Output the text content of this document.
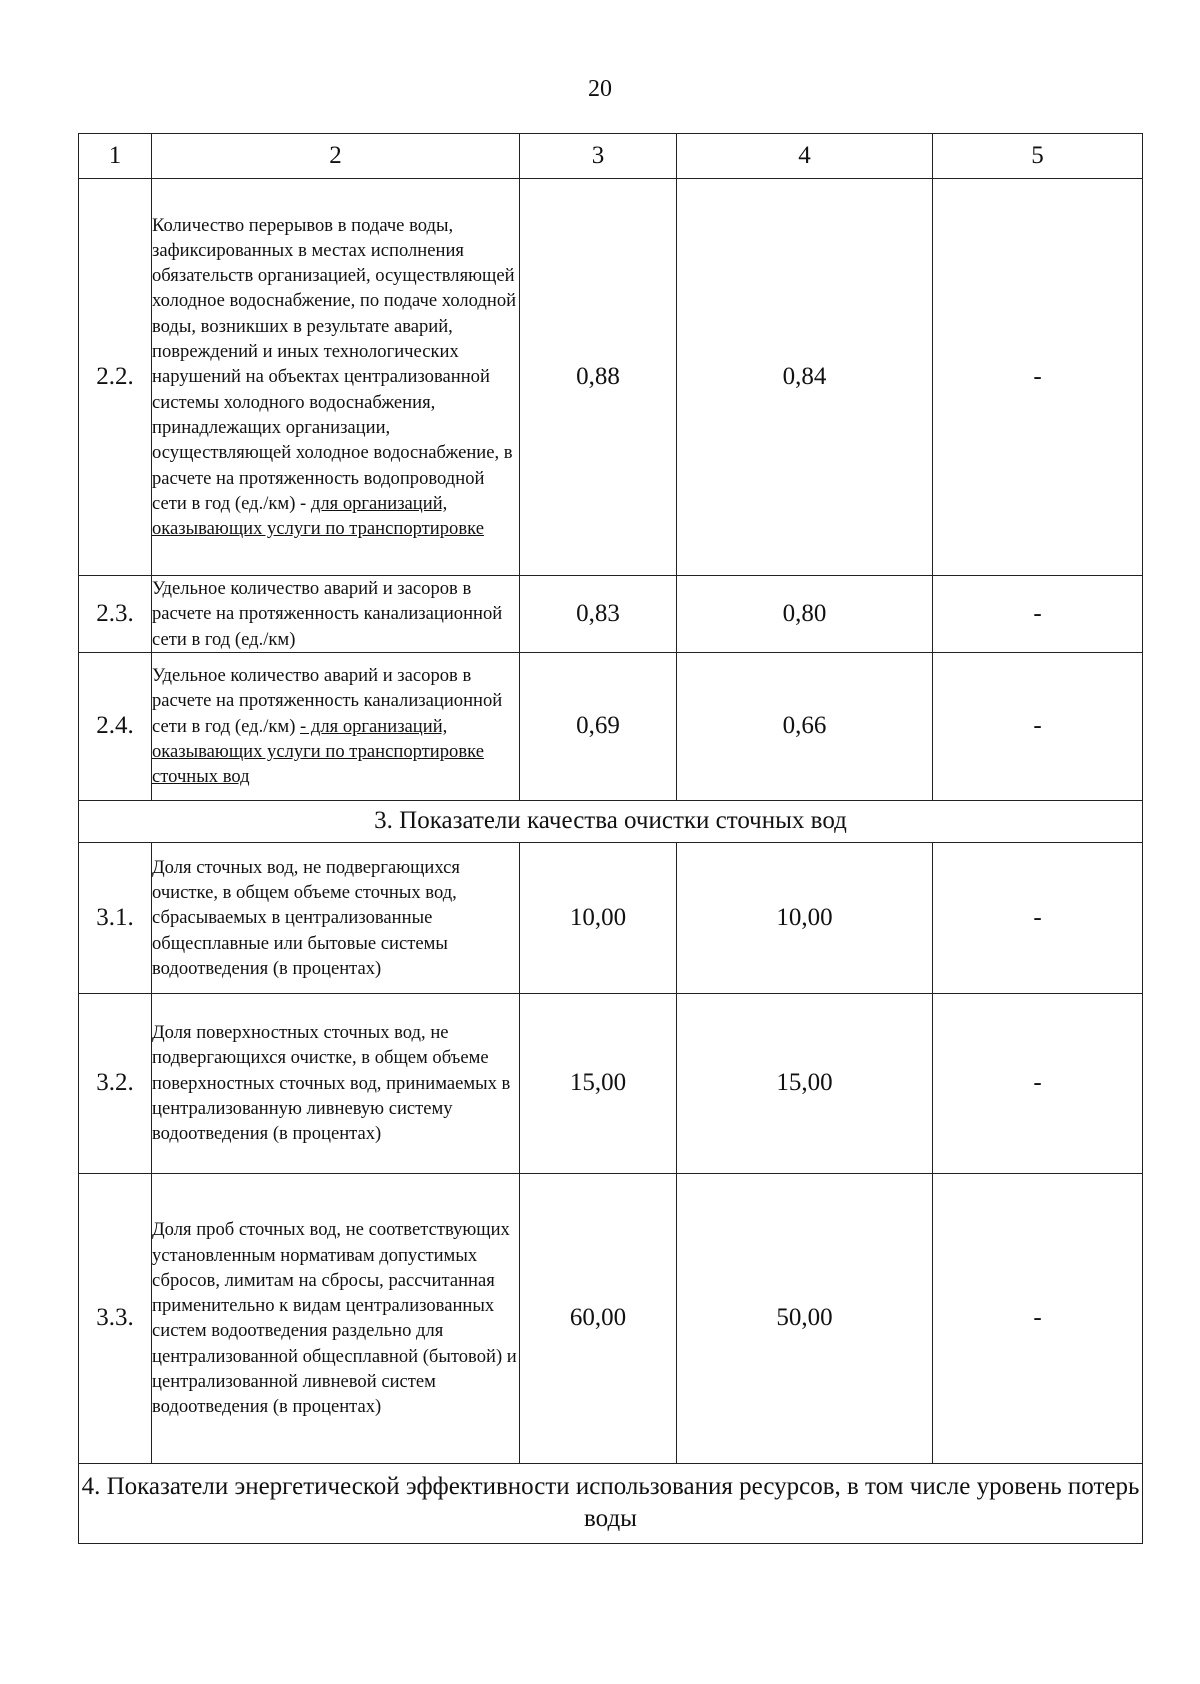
20
1	2	3	4	5
2.2.	Количество перерывов в подаче воды, зафиксированных в местах исполнения обязательств организацией, осуществляющей холодное водоснабжение, по подаче холодной воды, возникших в результате аварий, повреждений и иных технологических нарушений на объектах централизованной системы холодного водоснабжения, принадлежащих организации, осуществляющей холодное водоснабжение, в расчете на протяженность водопроводной сети в год (ед./км) - для организаций, оказывающих услуги по транспортировке	0,88	0,84	-
2.3.	Удельное количество аварий и засоров в расчете на протяженность канализационной сети в год (ед./км)	0,83	0,80	-
2.4.	Удельное количество аварий и засоров в расчете на протяженность канализационной сети в год (ед./км) - для организаций, оказывающих услуги по транспортировке сточных вод	0,69	0,66	-
3. Показатели качества очистки сточных вод				
3.1.	Доля сточных вод, не подвергающихся очистке, в общем объеме сточных вод, сбрасываемых в централизованные общесплавные или бытовые системы водоотведения (в процентах)	10,00	10,00	-
3.2.	Доля поверхностных сточных вод, не подвергающихся очистке, в общем объеме поверхностных сточных вод, принимаемых в централизованную ливневую систему водоотведения (в процентах)	15,00	15,00	-
3.3.	Доля проб сточных вод, не соответствующих установленным нормативам допустимых сбросов, лимитам на сбросы, рассчитанная применительно к видам централизованных систем водоотведения раздельно для централизованной общесплавной (бытовой) и централизованной ливневой систем водоотведения (в процентах)	60,00	50,00	-
4. Показатели энергетической эффективности использования ресурсов, в том числе уровень потерь воды				
